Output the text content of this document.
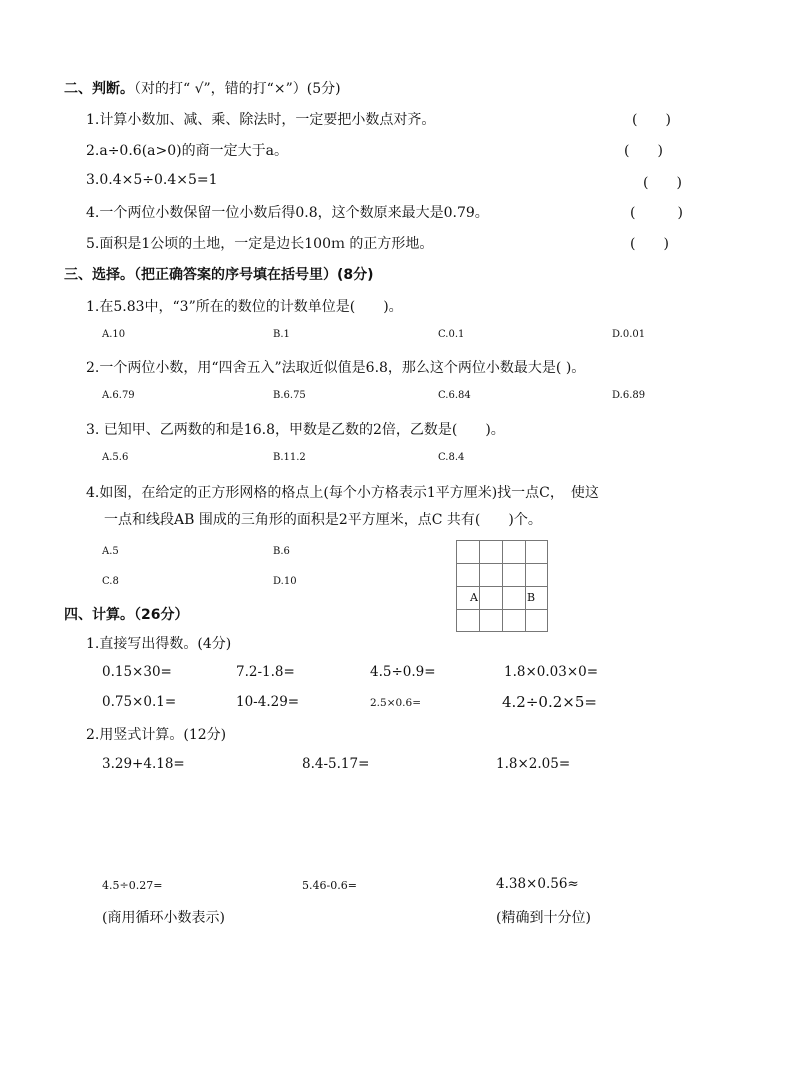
二、判断。（对的打“ √”，错的打“×”）(5分)
1.计算小数加、减、乘、除法时，一定要把小数点对齐。	(　　)
2.a÷0.6(a>0)的商一定大于a。	(　　)
3.0.4×5÷0.4×5=1	(　　)
4.一个两位小数保留一位小数后得0.8，这个数原来最大是0.79。	(　　　)
5.面积是1公顷的土地，一定是边长100ｍ 的正方形地。	(　　)
三、选择。（把正确答案的序号填在括号里）(8分)
1.在5.83中，“3”所在的数位的计数单位是(　　)。
A.10	B.1	C.0.1	D.0.01
2.一个两位小数，用“四舍五入”法取近似值是6.8，那么这个两位小数最大是( )。
A.6.79	B.6.75	C.6.84	D.6.89
3. 已知甲、乙两数的和是16.8，甲数是乙数的2倍，乙数是(　　)。
A.5.6	B.11.2	C.8.4
4.如图，在给定的正方形网格的格点上(每个小方格表示1平方厘米)找一点C，　使这
一点和线段AB 围成的三角形的面积是2平方厘米，点C 共有(　　)个。
A.5	B.6
C.8	D.10
A	B
四、计算。（26分）
1.直接写出得数。(4分)
0.15×30=	7.2-1.8=	4.5÷0.9=	1.8×0.03×0=
0.75×0.1=	10-4.29=	2.5×0.6=	4.2÷0.2×5=
2.用竖式计算。(12分)
3.29+4.18=	8.4-5.17=	1.8×2.05=
4.5÷0.27=	5.46-0.6=	4.38×0.56≈
(商用循环小数表示)	(精确到十分位)
